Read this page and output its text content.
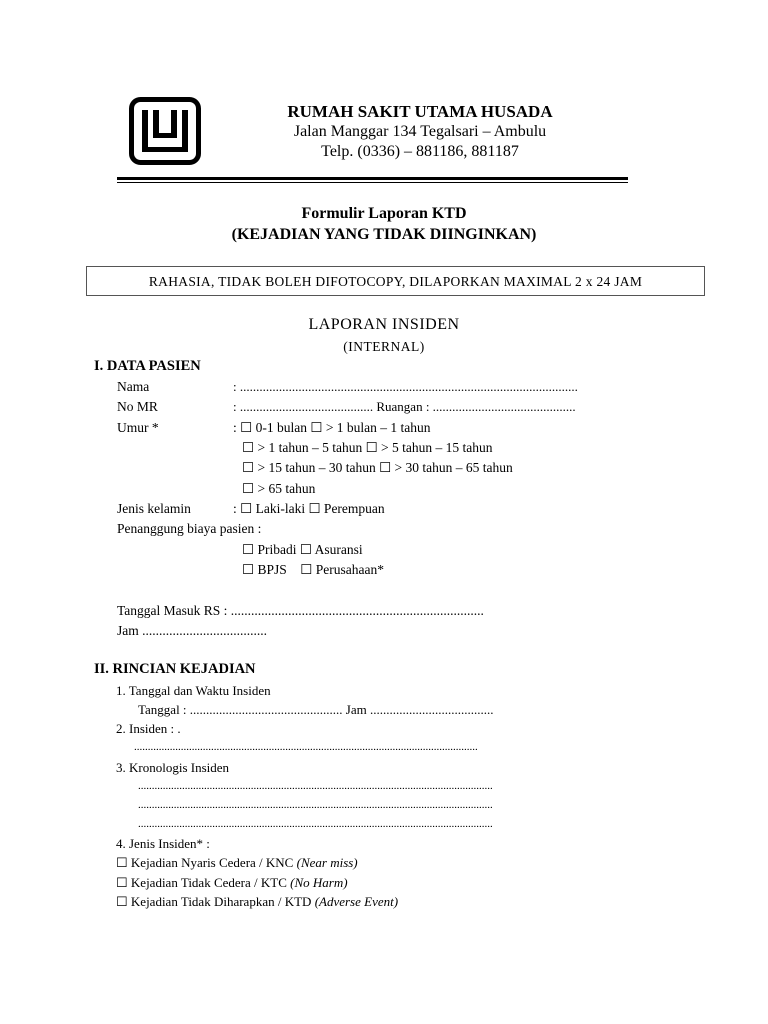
RUMAH SAKIT UTAMA HUSADA
Jalan Manggar 134 Tegalsari – Ambulu
Telp. (0336) – 881186, 881187
Formulir Laporan KTD
(KEJADIAN YANG TIDAK DIINGINKAN)
RAHASIA, TIDAK BOLEH DIFOTOCOPY, DILAPORKAN MAXIMAL 2 x 24 JAM
LAPORAN INSIDEN
(INTERNAL)
I. DATA PASIEN
Nama	: ........................................................................................................
No MR	: ......................................... Ruangan : ............................................
Umur *	: ☐ 0-1 bulan ☐ > 1 bulan – 1 tahun
☐ > 1 tahun – 5 tahun ☐ > 5 tahun – 15 tahun
☐ > 15 tahun – 30 tahun ☐ > 30 tahun – 65 tahun
☐ > 65 tahun
Jenis kelamin	: ☐ Laki-laki ☐ Perempuan
Penanggung biaya pasien :
☐ Pribadi ☐ Asuransi
☐ BPJS    ☐ Perusahaan*
Tanggal Masuk RS : ...........................................................................
Jam .....................................
II. RINCIAN KEJADIAN
1. Tanggal dan Waktu Insiden
Tanggal : ............................................... Jam ......................................
2. Insiden : .
.............................................................................................................................
3. Kronologis Insiden
.................................................................................................................................
.................................................................................................................................
.................................................................................................................................
4. Jenis Insiden* :
☐ Kejadian Nyaris Cedera / KNC (Near miss)
☐ Kejadian Tidak Cedera / KTC (No Harm)
☐ Kejadian Tidak Diharapkan / KTD (Adverse Event)
